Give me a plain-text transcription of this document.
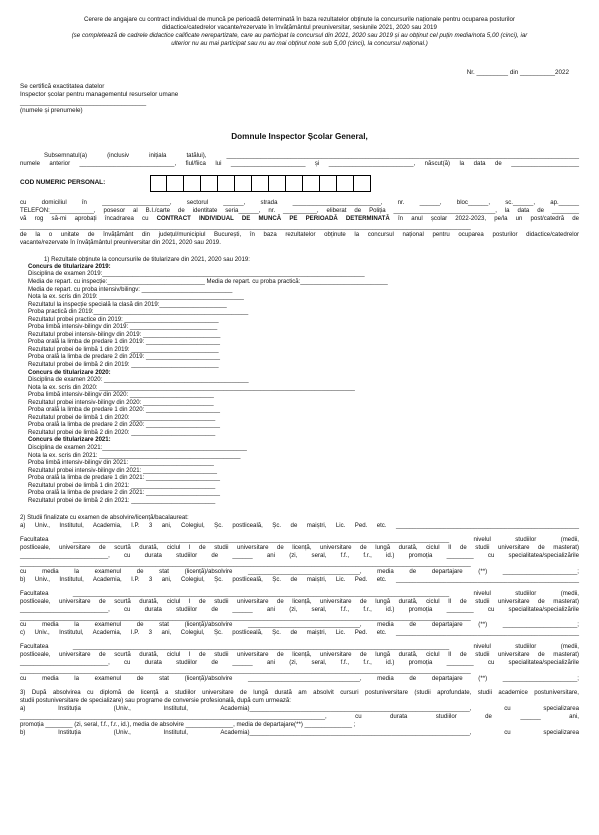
Cerere de angajare cu contract individual de muncă pe perioadă determinată în baza rezultatelor obținute la concursurile naționale pentru ocuparea posturilor
didactice/catedrelor vacante/rezervate în învățământul preuniversitar, sesiunile 2021, 2020 sau 2019
(se completează de cadrele didactice calificate nerepartizate, care au participat la concursul din 2021, 2020 sau 2019 și au obținut cel puțin media/nota 5,00 (cinci), iar
ulterior nu au mai participat sau nu au mai obținut note sub 5,00 (cinci), la concursul național.)
Nr. _________ din __________2022
Se certifică exactitatea datelor
Inspector școlar pentru managementul resurselor umane
____________________________________
(numele și prenumele)
Domnule Inspector Școlar General,
Subsemnatul(a) (inclusiv inițiala tatălui), ________________________________________________________________________________________________________
numele anterior ____________________________, fiul/fiica lui ______________________ și _________________________, născut(ă) la data de ____________________
COD NUMERIC PERSONAL:
cu domiciliul în ____________________, sectorul ______, strada __________________________, nr. ______, bloc______, sc.______, ap.______
TELEFON:_____________, posesor al B.I./carte de identitate seria______, nr. __________, eliberat de Poliția ______________________________, la data de ________
vă rog să-mi aprobați încadrarea cu CONTRACT INDIVIDUAL DE MUNCĂ PE PERIOADĂ DETERMINATĂ în anul școlar 2022-2023, pe/la un post/catedră de
_____________________________________________________________________________________________________________________________________
de la o unitate de învățământ din județul/municipiul București, în baza rezultatelor obținute la concursul național pentru ocuparea posturilor didactice/catedrelor
vacante/rezervate în învățământul preuniversitar din 2021, 2020 sau 2019.
1) Rezultate obținute la concursurile de titularizare din 2021, 2020 sau 2019:
Concurs de titularizare 2019:
Disciplina de examen 2019:______________________________________________________________________________
Media de repart. cu inspecție:_____________________________ Media de repart. cu proba practică:__________________________
Media de repart. cu proba intensiv/bilingv: ___________________________
Nota la ex. scris din 2019: ___________________________________________
Rezultatul la inspecție specială la clasă din 2019:____________________
Proba practică din 2019:______________________________________________
Rezultatul probei practice din 2019: ____________________________
Proba limbă intensiv-bilingv din 2019: __________________________
Rezultatul probei intensiv-bilingv din 2019: _______________________
Proba orală la limba de predare 1 din 2019: ______________________
Rezultatul probei de limbă 1 din 2019: __________________________
Proba orală la limba de predare 2 din 2019: ______________________
Rezultatul probei de limbă 2 din 2019: __________________________
Concurs de titularizare 2020:
Disciplina de examen 2020: ___________________________________________
Nota la ex. scris din 2020: ____________________________________________________________________________
Proba limbă intensiv-bilingv din 2020: _________________________
Rezultatul probei intensiv-bilingv din 2020: _____________________
Proba orală la limba de predare 1 din 2020: ______________________
Rezultatul probei de limbă 1 din 2020: _________________________
Proba orală la limba de predare 2 din 2020: ______________________
Rezultatul probei de limbă 2 din 2020: _________________________
Concurs de titularizare 2021:
Disciplina de examen 2021:___________________________________________
Nota la ex. scris din 2021: __________________________________________
Proba limbă intensiv-bilingv din 2021: _________________________
Rezultatul probei intensiv-bilingv din 2021: ______________________
Proba orală la limba de predare 1 din 2021: ______________________
Rezultatul probei de limbă 1 din 2021: _________________________
Proba orală la limba de predare 2 din 2021: ______________________
Rezultatul probei de limbă 2 din 2021: _________________________
2) Studii finalizate cu examen de absolvire/licență/bacalaureat:
a) Univ., Institutul, Academia, I.P. 3 ani, Colegiul, Șc. postliceală, Șc. de maiștri, Lic. Ped. etc. ______________________________________________________
Facultatea _______________________________________________________________________________________________________________ nivelul studiilor (medii,
postliceale, universitare de scurtă durată, ciclul I de studii universitare de licență, universitare de lungă durată, ciclul II de studii universitare de masterat)
__________________________, cu durata studiilor de ______ ani (zi, seral, f.f., f.r., id.) promoția ________ cu specialitatea/specializările
_____________________________________________________________________________________________________________________________________
cu media la examenul de stat (licență)/absolvire _________________________________, media de departajare (**) ______________________;
b) Univ., Institutul, Academia, I.P. 3 ani, Colegiul, Șc. postliceală, Șc. de maiștri, Lic. Ped. etc. ______________________________________________________
Facultatea _______________________________________________________________________________________________________________ nivelul studiilor (medii,
postliceale, universitare de scurtă durată, ciclul I de studii universitare de licență, universitare de lungă durată, ciclul II de studii universitare de masterat)
__________________________, cu durata studiilor de ______ ani (zi, seral, f.f., f.r., id.) promoția ________ cu specialitatea/specializările
_____________________________________________________________________________________________________________________________________
cu media la examenul de stat (licență)/absolvire _________________________________, media de departajare (**) ______________________;
c) Univ., Institutul, Academia, I.P. 3 ani, Colegiul, Șc. postliceală, Șc. de maiștri, Lic. Ped. etc. ______________________________________________________
Facultatea _______________________________________________________________________________________________________________ nivelul studiilor (medii,
postliceale, universitare de scurtă durată, ciclul I de studii universitare de licență, universitare de lungă durată, ciclul II de studii universitare de masterat)
__________________________, cu durata studiilor de ______ ani (zi, seral, f.f., f.r., id.) promoția ________ cu specialitatea/specializările
_____________________________________________________________________________________________________________________________________
cu media la examenul de stat (licență)/absolvire _________________________________, media de departajare (**) ______________________;
3) După absolvirea cu diplomă de licență a studiilor universitare de lungă durată am absolvit cursuri postuniversitare (studii aprofundate, studii academice postuniversitare,
studii postuniversitare de specializare) sau programe de conversie profesională, după cum urmează:
a) Instituția (Univ., Institutul, Academia)_________________________________________________________________, cu specializarea
__________________________________________________________________________________________, cu durata studiilor de ______ ani,
promoția ________ (zi, seral, f.f., f.r., id.), media de absolvire ______________, media de departajare(**) ______________ ;
b) Instituția (Univ., Institutul, Academia)_________________________________________________________________, cu specializarea
